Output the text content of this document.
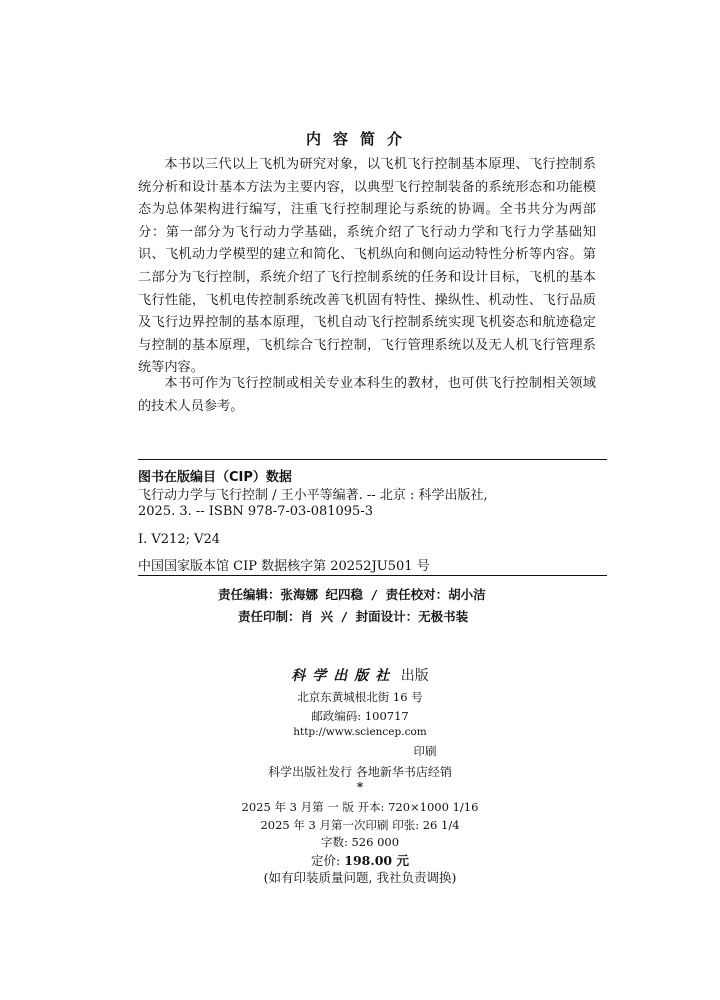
内容简介
本书以三代以上飞机为研究对象，以飞机飞行控制基本原理、飞行控制系统分析和设计基本方法为主要内容，以典型飞行控制装备的系统形态和功能模态为总体架构进行编写，注重飞行控制理论与系统的协调。全书共分为两部分：第一部分为飞行动力学基础，系统介绍了飞行动力学和飞行力学基础知识、飞机动力学模型的建立和简化、飞机纵向和侧向运动特性分析等内容。第二部分为飞行控制，系统介绍了飞行控制系统的任务和设计目标，飞机的基本飞行性能，飞机电传控制系统改善飞机固有特性、操纵性、机动性、飞行品质及飞行边界控制的基本原理，飞机自动飞行控制系统实现飞机姿态和航迹稳定与控制的基本原理，飞机综合飞行控制，飞行管理系统以及无人机飞行管理系统等内容。
本书可作为飞行控制或相关专业本科生的教材，也可供飞行控制相关领域的技术人员参考。
图书在版编目（CIP）数据
飞行动力学与飞行控制 / 王小平等编著. -- 北京 : 科学出版社,
2025. 3. -- ISBN 978-7-03-081095-3
I. V212; V24
中国国家版本馆 CIP 数据核字第 20252JU501 号
责任编辑：张海娜 纪四稳 / 责任校对：胡小洁
责任印制：肖 兴 / 封面设计：无极书装
科学出版社 出版
北京东黄城根北街 16 号
邮政编码: 100717
http://www.sciencep.com
印刷
科学出版社发行 各地新华书店经销
*
2025 年 3 月第 一 版 开本: 720×1000 1/16
2025 年 3 月第一次印刷 印张: 26 1/4
字数: 526 000
定价: 198.00 元
(如有印装质量问题, 我社负责调换)
